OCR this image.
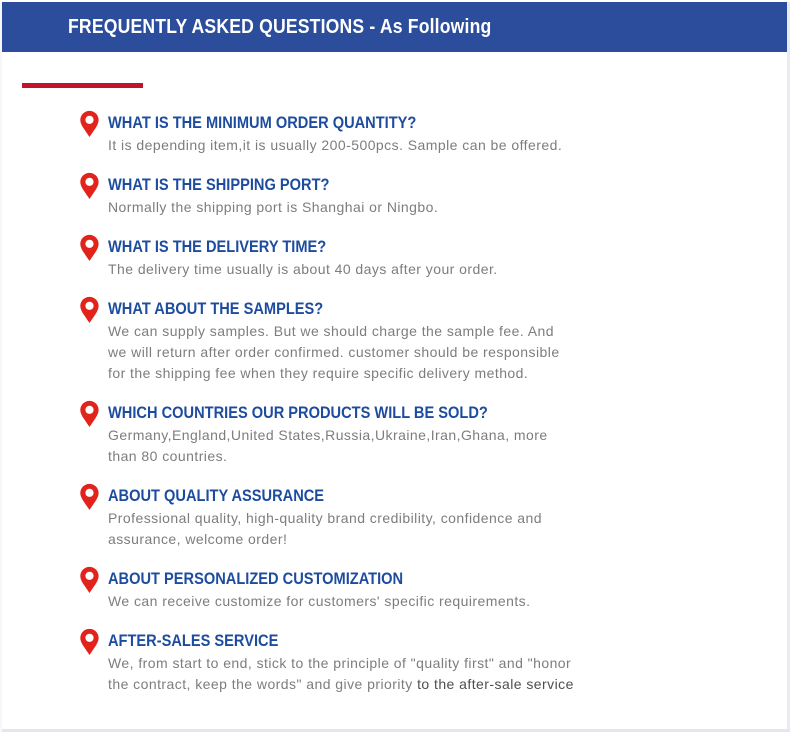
FREQUENTLY ASKED QUESTIONS - As Following
WHAT IS THE MINIMUM ORDER QUANTITY?
It is depending item,it is usually 200-500pcs. Sample can be offered.
WHAT IS THE SHIPPING PORT?
Normally the shipping port is Shanghai or Ningbo.
WHAT IS THE DELIVERY TIME?
The delivery time usually is about 40 days after your order.
WHAT ABOUT THE SAMPLES?
We can supply samples. But we should charge the sample fee. And we will return after order confirmed. customer should be responsible for the shipping fee when they require specific delivery method.
WHICH COUNTRIES OUR PRODUCTS WILL BE SOLD?
Germany,England,United States,Russia,Ukraine,Iran,Ghana, more than 80 countries.
ABOUT QUALITY ASSURANCE
Professional quality, high-quality brand credibility, confidence and assurance, welcome order!
ABOUT PERSONALIZED CUSTOMIZATION
We can receive customize for customers' specific requirements.
AFTER-SALES SERVICE
We, from start to end, stick to the principle of "quality first" and "honor the contract, keep the words" and give priority to the after-sale service
